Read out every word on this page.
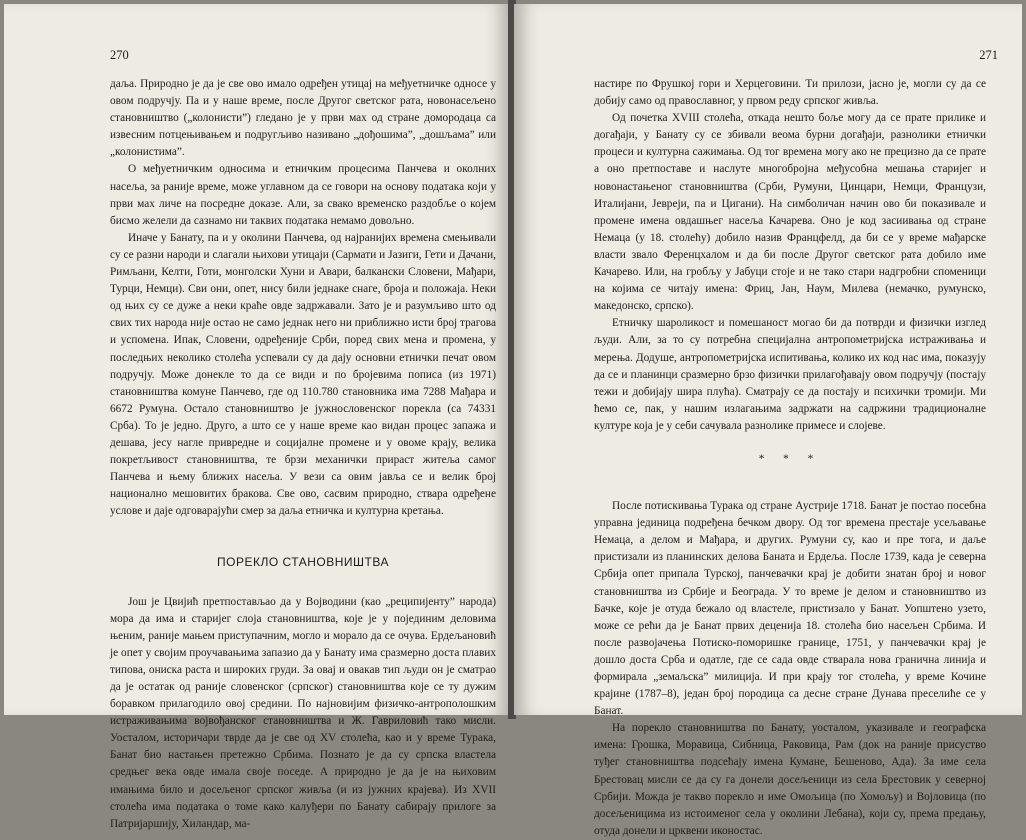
270

даља. Природно је да је све ово имало одређен утицај на међуетничке односе у овом подручју. Па и у наше време, после Другог светског рата, новонасељено становништво („колонисти”) гледано је у први мах од стране домородаца са извесним потцењивањем и подругљиво називано „дођошима”, „дошљама” или „колонистима”.

О међуетничким односима и етничким процесима Панчева и околних насеља, за раније време, може углавном да се говори на основу података који у први мах личе на посредне доказе. Али, за свако временско раздобље о којем бисмо желели да сазнамо ни таквих података немамо довољно.

Иначе у Банату, па и у околини Панчева, од најранијих времена смењивали су се разни народи и слагали њихови утицаји (Сармати и Јазиги, Гети и Дачани, Римљани, Келти, Готи, монголски Хуни и Авари, балкански Словени, Мађари, Турци, Немци). Сви они, опет, нису били једнаке снаге, броја и положаја. Неки од њих су се дуже а неки краће овде задржавали. Зато је и разумљиво што од свих тих народа није остао не само једнак него ни приближно исти број трагова и успомена. Ипак, Словени, одређеније Срби, поред свих мена и промена, у последњих неколико столећа успевали су да дају основни етнички печат овом подручју. Може донекле то да се види и по бројевима пописа (из 1971) становништва комуне Панчево, где од 110.780 становника има 7288 Мађара и 6672 Румуна. Остало становништво је јужнословенског порекла (са 74331 Срба). То је једно. Друго, а што се у наше време као видан процес запажа и дешава, јесу нагле привредне и социјалне промене и у овоме крају, велика покретљивост становништва, те брзи механички прираст житеља самог Панчева и њему ближих насеља. У вези са овим јавља се и велик број национално мешовитих бракова. Све ово, сасвим природно, ствара одређене услове и даје одговарајући смер за даља етничка и културна кретања.

ПОРЕКЛО СТАНОВНИШТВА

Још је Цвијић претпостављао да у Војводини (као „реципијенту” народа) мора да има и старијег слоја становништва, које је у појединим деловима њеним, раније мањем приступачним, могло и морало да се очува. Ердељановић је опет у својим проучавањима запазио да у Банату има сразмерно доста плавих типова, ониска раста и широких груди. За овај и овакав тип људи он је сматрао да је остатак од раније словенског (српског) становништва које се ту дужим боравком прилагодило овој средини. По најновијим физичко-антрополошким истраживањима војвођанског становништва и Ж. Гавриловић тако мисли. Уосталом, историчари тврде да је све од XV столећа, као и у време Турака, Банат био настањен претежно Србима. Познато је да су српска властела средњег века овде имала своје поседе. А природно је да је на њиховим имањима било и досељеног српског живља (и из јужних крајева). Из XVII столећа има података о томе како калуђери по Банату сабирају прилоге за Патријаршију, Хиландар, ма-

271

настире по Фрушкој гори и Херцеговини. Ти прилози, јасно је, могли су да се добију само од православног, у првом реду српског живља.

Од почетка XVIII столећа, откада нешто боље могу да се прате прилике и догађаји, у Банату су се збивали веома бурни догађаји, разнолики етнички процеси и културна сажимања. Од тог времена могу ако не прецизно да се прате а оно претпоставе и наслуте многобројна међусобна мешања старијег и новонастањеног становништва (Срби, Румуни, Цинцари, Немци, Французи, Италијани, Јевреји, па и Цигани). На симболичан начин ово би показивале и промене имена овдашњег насеља Качарева. Оно је код засиивања од стране Немаца (у 18. столећу) добило назив Францфелд, да би се у време мађарске власти звало Ференцхалом и да би после Другог светског рата добило име Качарево. Или, на гробљу у Јабуци стоје и не тако стари надгробни споменици на којима се читају имена: Фриц, Јан, Наум, Милева (немачко, румунско, македонско, српско).

Етничку шароликост и помешаност могао би да потврди и физички изглед људи. Али, за то су потребна специјална антропометријска истраживања и мерења. Додуше, антропометријска испитивања, колико их код нас има, показују да се и планинци сразмерно брзо физички прилагођавају овом подручју (постају тежи и добијају шира плућа). Сматрају се да постају и психички тромији. Ми ћемо се, пак, у нашим излагањима задржати на садржини традиционалне културе која је у себи сачувала разнолике примесе и слојеве.

* * *

После потискивања Турака од стране Аустрије 1718. Банат је постао посебна управна јединица подређена бечком двору. Од тог времена престаје усељавање Немаца, а делом и Мађара, и других. Румуни су, као и пре тога, и даље пристизали из планинских делова Баната и Ердеља. После 1739, када је северна Србија опет припала Турској, панчевачки крај је добити знатан број и новог становништва из Србије и Београда. У то време је делом и становништво из Бачке, које је отуда бежало од властеле, пристизало у Банат. Уопштено узето, може се рећи да је Банат првих деценија 18. столећа био насељен Србима. И после развојачења Потиско-поморишке границе, 1751, у панчевачки крај је дошло доста Срба и одатле, где се сада овде стварала нова гранична линија и формирала „земаљска” милиција. И при крају тог столећа, у време Кочине крајине (1787–8), један број породица са десне стране Дунава преселиће се у Банат.

На порекло становништва по Банату, уосталом, указивале и географска имена: Грошка, Моравица, Сибница, Раковица, Рам (док на раније присуство туђег становништва подсећају имена Кумане, Бешеново, Ада). За име села Брестовац мисли се да су га донели досељеници из села Брестовик у северној Србији. Можда је такво порекло и име Омољица (по Хомољу) и Војловица (по досељеницима из истоименог села у околини Лебана), који су, према предању, отуда донели и црквени иконостас.
